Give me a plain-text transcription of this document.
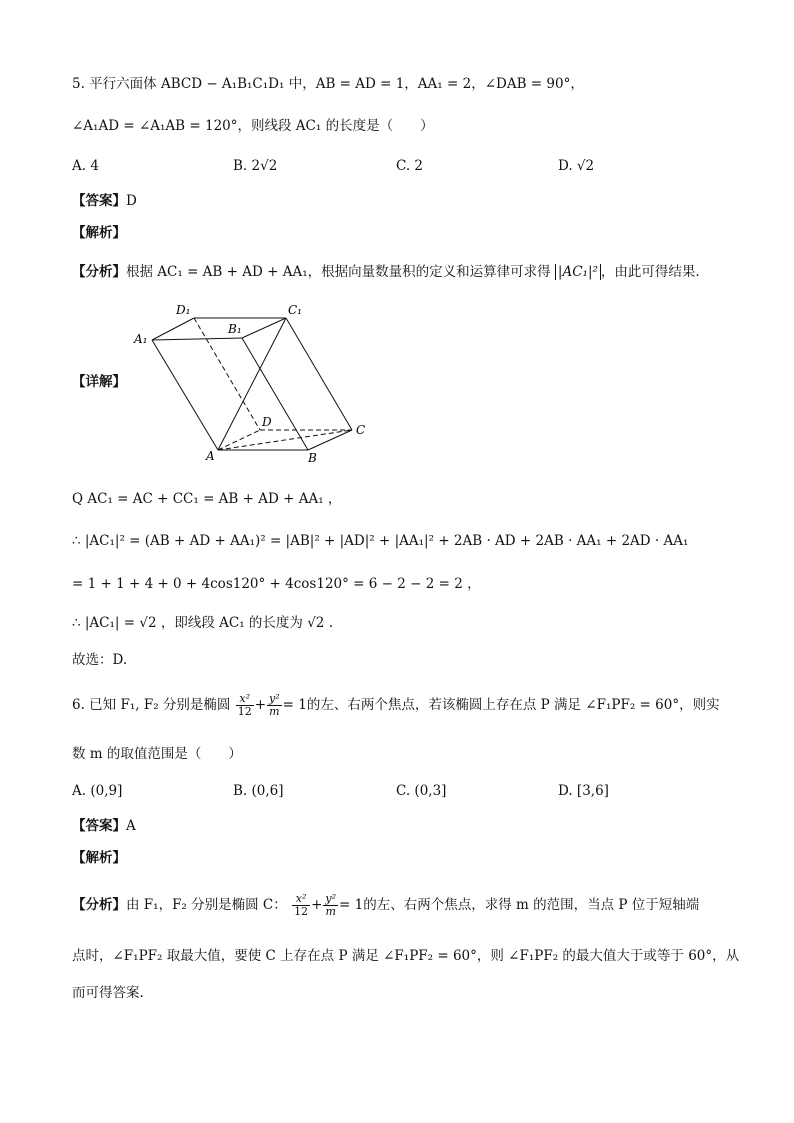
5. 平行六面体 ABCD − A₁B₁C₁D₁ 中，AB = AD = 1，AA₁ = 2，∠DAB = 90°，
∠A₁AD = ∠A₁AB = 120°，则线段 AC₁ 的长度是（　　）
A. 4	B. 2√2	C. 2	D. √2
【答案】D
【解析】
【分析】根据 AC₁ = AB + AD + AA₁，根据向量数量积的定义和运算律可求得 |AC₁|² ，由此可得结果.
【详解】
D₁	C₁
B₁
A₁
D
C
A	B
Q AC₁ = AC + CC₁ = AB + AD + AA₁ ，
∴ |AC₁|² = (AB + AD + AA₁)² = |AB|² + |AD|² + |AA₁|² + 2AB · AD + 2AB · AA₁ + 2AD · AA₁
= 1 + 1 + 4 + 0 + 4cos120° + 4cos120° = 6 − 2 − 2 = 2 ，
∴ |AC₁| = √2 ，即线段 AC₁ 的长度为 √2 .
故选：D.
6. 已知 F₁, F₂ 分别是椭圆 $\frac{\text{x²}}{12} + \frac{\text{y²}}{m} = 1$的左、右两个焦点，若该椭圆上存在点 P 满足 ∠F₁PF₂ = 60°，则实
数 m 的取值范围是（　　）
A. (0,9]	B. (0,6]	C. (0,3]	D. [3,6]
【答案】A
【解析】
【分析】由 F₁，F₂ 分别是椭圆 C： $\frac{\text{x²}}{12} + \frac{\text{y²}}{m} = 1$的左、右两个焦点，求得 m 的范围，当点 P 位于短轴端
点时，∠F₁PF₂ 取最大值，要使 C 上存在点 P 满足 ∠F₁PF₂ = 60°，则 ∠F₁PF₂ 的最大值大于或等于 60°，从
而可得答案.
